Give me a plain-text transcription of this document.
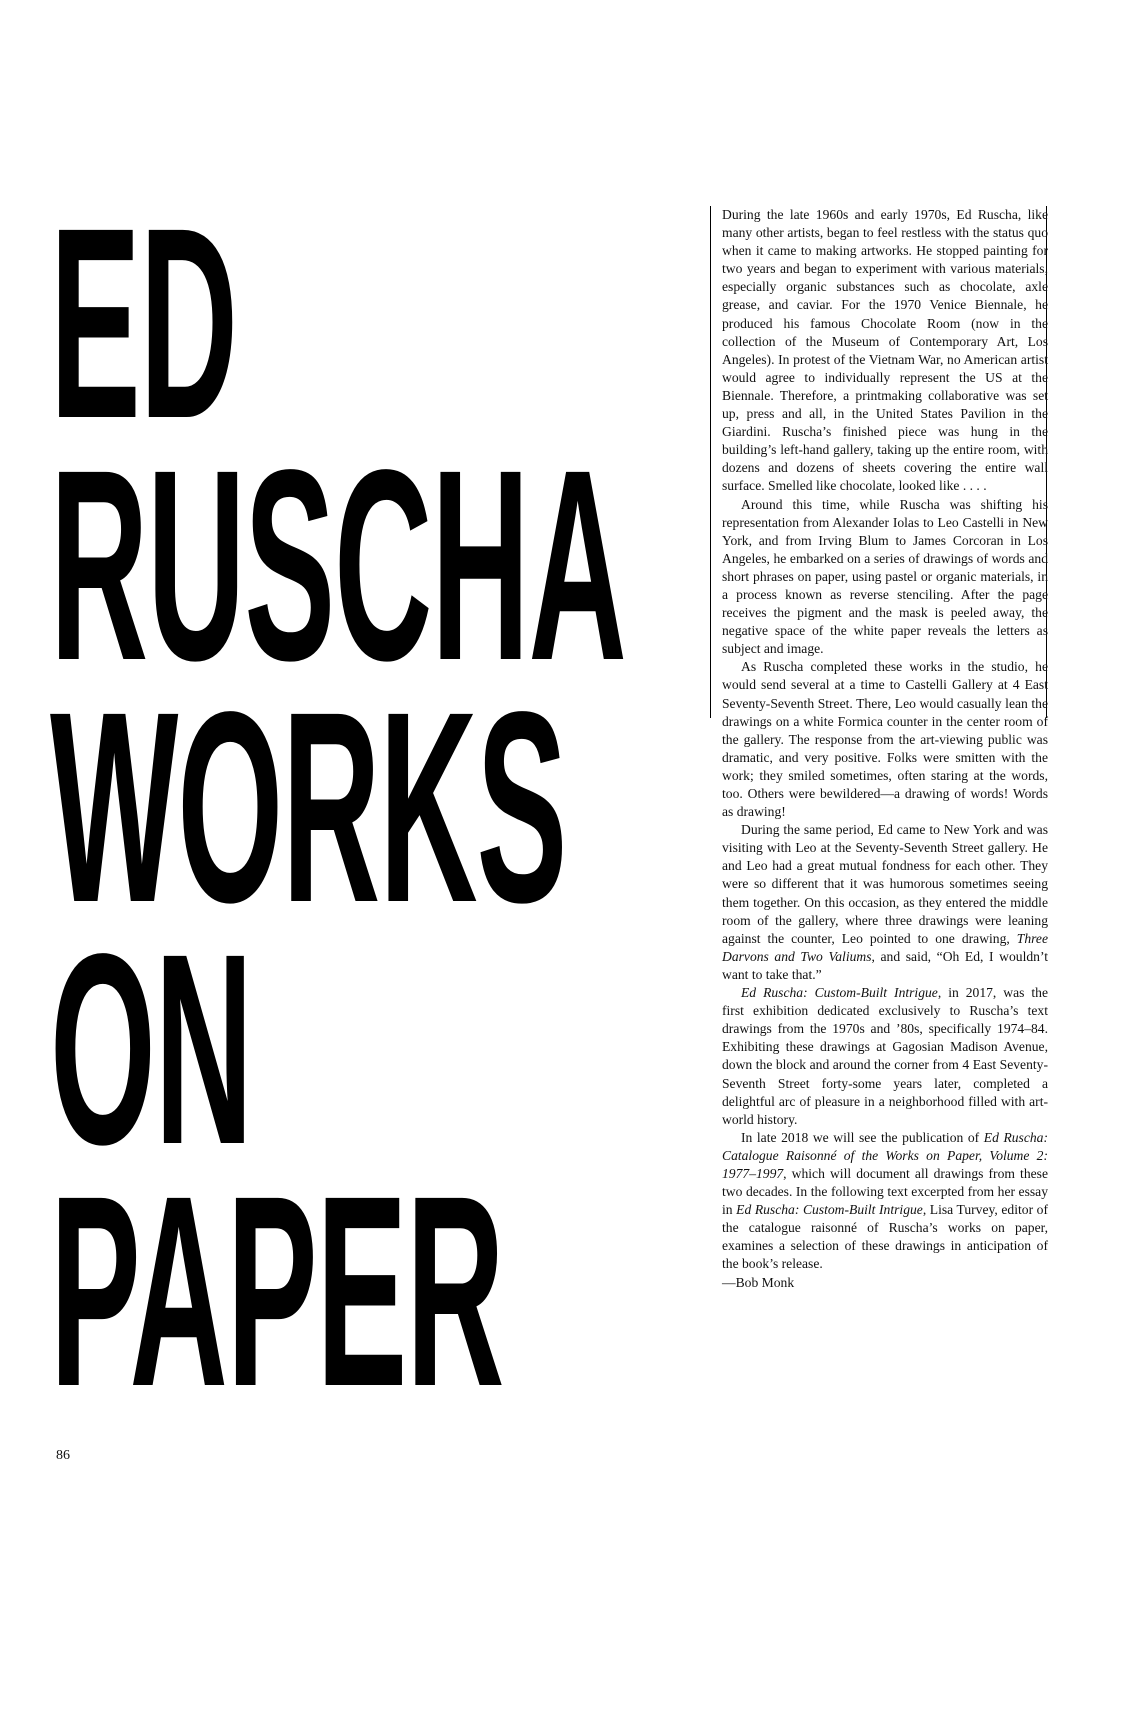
ED
RUSCHA
WORKS
ON
PAPER

During the late 1960s and early 1970s, Ed Ruscha, like many other artists, began to feel restless with the status quo when it came to making artworks. He stopped painting for two years and began to experiment with various materials, especially organic substances such as chocolate, axle grease, and caviar. For the 1970 Venice Biennale, he produced his famous Chocolate Room (now in the collection of the Museum of Contemporary Art, Los Angeles). In protest of the Vietnam War, no American artist would agree to individually represent the US at the Biennale. Therefore, a printmaking collaborative was set up, press and all, in the United States Pavilion in the Giardini. Ruscha’s finished piece was hung in the building’s left-hand gallery, taking up the entire room, with dozens and dozens of sheets covering the entire wall surface. Smelled like chocolate, looked like . . . .

Around this time, while Ruscha was shifting his representation from Alexander Iolas to Leo Castelli in New York, and from Irving Blum to James Corcoran in Los Angeles, he embarked on a series of drawings of words and short phrases on paper, using pastel or organic materials, in a process known as reverse stenciling. After the page receives the pigment and the mask is peeled away, the negative space of the white paper reveals the letters as subject and image.

As Ruscha completed these works in the studio, he would send several at a time to Castelli Gallery at 4 East Seventy-Seventh Street. There, Leo would casually lean the drawings on a white Formica counter in the center room of the gallery. The response from the art-viewing public was dramatic, and very positive. Folks were smitten with the work; they smiled sometimes, often staring at the words, too. Others were bewildered—a drawing of words! Words as drawing!

During the same period, Ed came to New York and was visiting with Leo at the Seventy-Seventh Street gallery. He and Leo had a great mutual fondness for each other. They were so different that it was humorous sometimes seeing them together. On this occasion, as they entered the middle room of the gallery, where three drawings were leaning against the counter, Leo pointed to one drawing, Three Darvons and Two Valiums, and said, “Oh Ed, I wouldn’t want to take that.”

Ed Ruscha: Custom-Built Intrigue, in 2017, was the first exhibition dedicated exclusively to Ruscha’s text drawings from the 1970s and ’80s, specifically 1974–84. Exhibiting these drawings at Gagosian Madison Avenue, down the block and around the corner from 4 East Seventy-Seventh Street forty-some years later, completed a delightful arc of pleasure in a neighborhood filled with art-world history.

In late 2018 we will see the publication of Ed Ruscha: Catalogue Raisonné of the Works on Paper, Volume 2: 1977–1997, which will document all drawings from these two decades. In the following text excerpted from her essay in Ed Ruscha: Custom-Built Intrigue, Lisa Turvey, editor of the catalogue raisonné of Ruscha’s works on paper, examines a selection of these drawings in anticipation of the book’s release.

—Bob Monk

86
